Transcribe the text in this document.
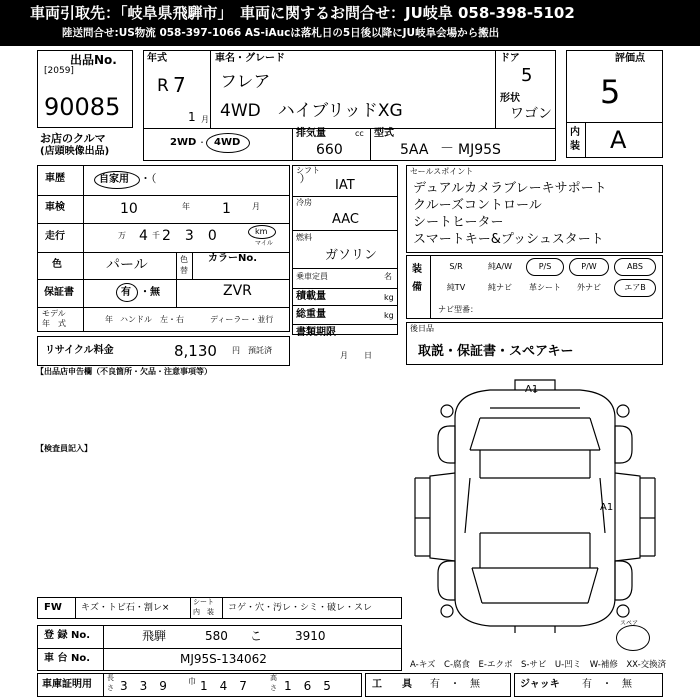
車両引取先：「岐阜県飛騨市」　車両に関するお問合せ：JU岐阜 058-398-5102
陸送問合せ:US物流 058-397-1066 AS-iAucは落札日の5日後以降にJU岐阜会場から搬出
出品No.
[2059]
90085
お店のクルマ
(店頭映像出品)
年式
R 7
1 月
車名・グレード
フレア
4WD　ハイブリッドXG
ドア
5
形状
ワゴン
2WD ・ 4WD
排気量	cc
660
型式
5AA － MJ95S
評価点
5
内
装 A
車歴	自家用 ・（　　　　　　　　　　　　　）
車検	10	年 1	月
走行	万 4 千 2　3　0	km
マイル
色	パール	色
替
カラーNo.
ZVR
保証書	有 ・無
モデル
年　式	年 ハンドル　左・右	ディーラー・並行
シフト
IAT
冷房
AAC
燃料
ガソリン
乗車定員	名
積載量	kg
総重量	kg
書類期限
月　　日
セールスポイント
デュアルカメラブレーキサポート
クルーズコントロール
シートヒーター
スマートキー&プッシュスタート
装
備
S/R	純A/W	P/S	P/W	ABS
純TV	純ナビ	革シート	外ナビ	エアB
ナビ型番：
リサイクル料金	8,130 円 預託済
後日品
取説・保証書・スペアキー
【出品店申告欄（不良箇所・欠品・注意事項等）
【検査員記入】
A1
A1
スペア
FW キズ・トビ石・割レ×
シート
内　装 コゲ・穴・汚レ・シミ・破レ・スレ
登 録 No.	飛騨	580 こ	3910
車 台 No.	MJ95S-134062
車庫証明用
長
さ 3　3　9	巾 1　4　7
高
さ 1　6　5
A-キズ　C-腐食　E-エクボ　S-サビ　U-凹ミ　W-補修　XX-交換済
工　　具 有　・　無	ジャッキ 有　・　無
